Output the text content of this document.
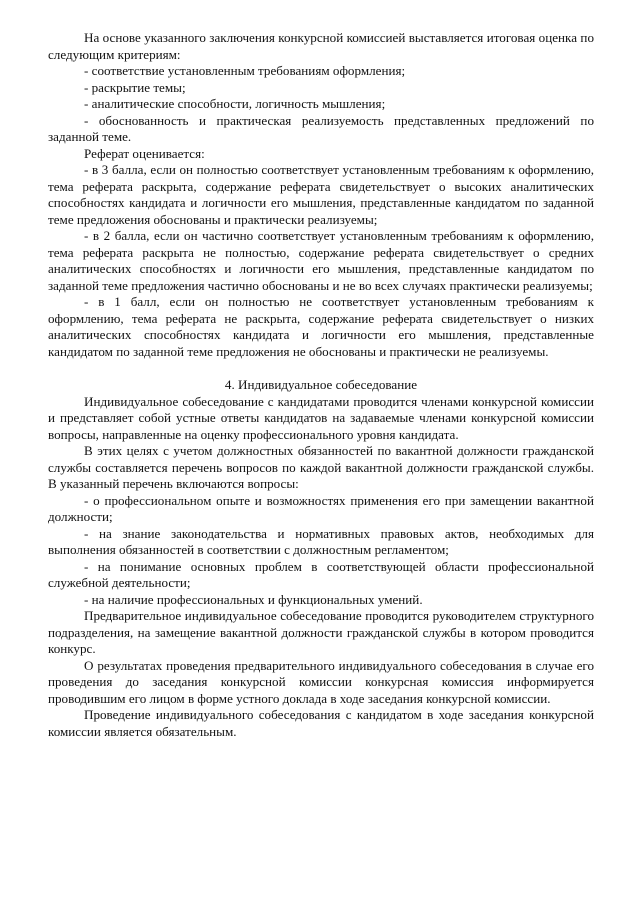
На основе указанного заключения конкурсной комиссией выставляется итоговая оценка по следующим критериям:

- соответствие установленным требованиям оформления;

- раскрытие темы;

- аналитические способности, логичность мышления;

- обоснованность и практическая реализуемость представленных предложений по заданной теме.

Реферат оценивается:

- в 3 балла, если он полностью соответствует установленным требованиям к оформлению, тема реферата раскрыта, содержание реферата свидетельствует о высоких аналитических способностях кандидата и логичности его мышления, представленные кандидатом по заданной теме предложения обоснованы и практически реализуемы;

- в 2 балла, если он частично соответствует установленным требованиям к оформлению, тема реферата раскрыта не полностью, содержание реферата свидетельствует о средних аналитических способностях и логичности его мышления, представленные кандидатом по заданной теме предложения частично обоснованы и не во всех случаях практически реализуемы;

- в 1 балл, если он полностью не соответствует установленным требованиям к оформлению, тема реферата не раскрыта, содержание реферата свидетельствует о низких аналитических способностях кандидата и логичности его мышления, представленные кандидатом по заданной теме предложения не обоснованы и практически не реализуемы.

4. Индивидуальное собеседование

Индивидуальное собеседование с кандидатами проводится членами конкурсной комиссии и представляет собой устные ответы кандидатов на задаваемые членами конкурсной комиссии вопросы, направленные на оценку профессионального уровня кандидата.

В этих целях с учетом должностных обязанностей по вакантной должности гражданской службы составляется перечень вопросов по каждой вакантной должности гражданской службы. В указанный перечень включаются вопросы:

- о профессиональном опыте и возможностях применения его при замещении вакантной должности;

- на знание законодательства и нормативных правовых актов, необходимых для выполнения обязанностей в соответствии с должностным регламентом;

- на понимание основных проблем в соответствующей области профессиональной служебной деятельности;

- на наличие профессиональных и функциональных умений.

Предварительное индивидуальное собеседование проводится руководителем структурного подразделения, на замещение вакантной должности гражданской службы в котором проводится конкурс.

О результатах проведения предварительного индивидуального собеседования в случае его проведения до заседания конкурсной комиссии конкурсная комиссия информируется проводившим его лицом в форме устного доклада в ходе заседания конкурсной комиссии.

Проведение индивидуального собеседования с кандидатом в ходе заседания конкурсной комиссии является обязательным.
